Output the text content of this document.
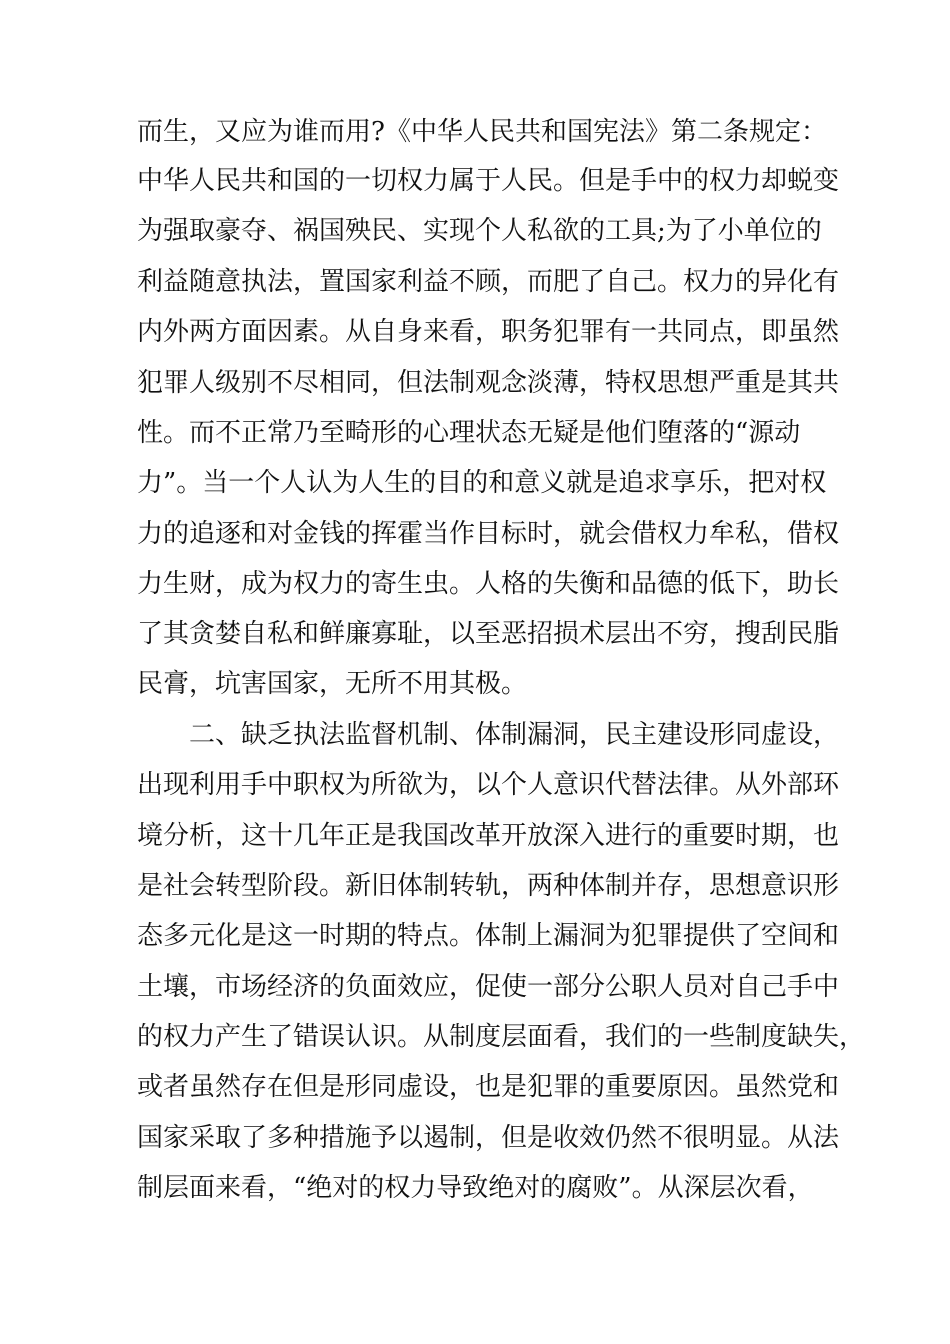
而生，又应为谁而用?《中华人民共和国宪法》第二条规定：
中华人民共和国的一切权力属于人民。但是手中的权力却蜕变
为强取豪夺、祸国殃民、实现个人私欲的工具;为了小单位的
利益随意执法，置国家利益不顾，而肥了自己。权力的异化有
内外两方面因素。从自身来看，职务犯罪有一共同点，即虽然
犯罪人级别不尽相同，但法制观念淡薄，特权思想严重是其共
性。而不正常乃至畸形的心理状态无疑是他们堕落的“源动
力”。当一个人认为人生的目的和意义就是追求享乐，把对权
力的追逐和对金钱的挥霍当作目标时，就会借权力牟私，借权
力生财，成为权力的寄生虫。人格的失衡和品德的低下，助长
了其贪婪自私和鲜廉寡耻，以至恶招损术层出不穷，搜刮民脂
民膏，坑害国家，无所不用其极。
二、缺乏执法监督机制、体制漏洞，民主建设形同虚设，
出现利用手中职权为所欲为，以个人意识代替法律。从外部环
境分析，这十几年正是我国改革开放深入进行的重要时期，也
是社会转型阶段。新旧体制转轨，两种体制并存，思想意识形
态多元化是这一时期的特点。体制上漏洞为犯罪提供了空间和
土壤，市场经济的负面效应，促使一部分公职人员对自己手中
的权力产生了错误认识。从制度层面看，我们的一些制度缺失，
或者虽然存在但是形同虚设，也是犯罪的重要原因。虽然党和
国家采取了多种措施予以遏制，但是收效仍然不很明显。从法
制层面来看，“绝对的权力导致绝对的腐败”。从深层次看，
